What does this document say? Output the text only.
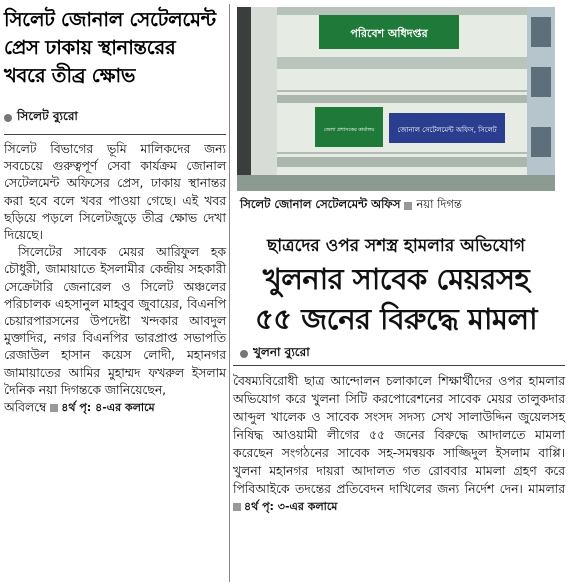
সিলেট জোনাল সেটেলমেন্ট
প্রেস ঢাকায় স্থানান্তরের
খবরে তীব্র ক্ষোভ
সিলেট ব্যুরো

সিলেট বিভাগের ভূমি মালিকদের জন্য সবচেয়ে গুরুত্বপূর্ণ সেবা কার্যক্রম জোনাল সেটেলমেন্ট অফিসের প্রেস, ঢাকায় স্থানান্তর করা হবে বলে খবর পাওয়া গেছে। এই খবর ছড়িয়ে পড়লে সিলেটজুড়ে তীব্র ক্ষোভ দেখা দিয়েছে।

সিলেটের সাবেক মেয়র আরিফুল হক চৌধুরী, জামায়াতে ইসলামীর কেন্দ্রীয় সহকারী সেক্রেটারি জেনারেল ও সিলেট অঞ্চলের পরিচালক এহসানুল মাহবুব জুবায়ের, বিএনপি চেয়ারপারসনের উপদেষ্টা খন্দকার আবদুল মুক্তাদির, নগর বিএনপির ভারপ্রাপ্ত সভাপতি রেজাউল হাসান কয়েস লোদী, মহানগর জামায়াতের আমির মুহাম্মদ ফখরুল ইসলাম দৈনিক নয়া দিগন্তকে জানিয়েছেন,

অবিলম্বে ৪র্থ পৃ: ৪-এর কলামে

পরিবেশ অধিদপ্তর
জেলা প্রশাসকের কার্যালয়	জোনাল সেটেলমেন্ট অফিস, সিলেট
সিলেট জোনাল সেটেলমেন্ট অফিস নয়া দিগন্ত
ছাত্রদের ওপর সশস্ত্র হামলার অভিযোগ
খুলনার সাবেক মেয়রসহ
৫৫ জনের বিরুদ্ধে মামলা
খুলনা ব্যুরো
বৈষম্যবিরোধী ছাত্র আন্দোলন চলাকালে শিক্ষার্থীদের ওপর হামলার অভিযোগ করে খুলনা সিটি করপোরেশনের সাবেক মেয়র তালুকদার আব্দুল খালেক ও সাবেক সংসদ সদস্য সেখ সালাউদ্দিন জুয়েলসহ নিষিদ্ধ আওয়ামী লীগের ৫৫ জনের বিরুদ্ধে আদালতে মামলা করেছেন সংগঠনের সাবেক সহ-সমন্বয়ক সাজ্জিদুল ইসলাম বাপ্পি। খুলনা মহানগর দায়রা আদালত গত রোববার মামলা গ্রহণ করে পিবিআইকে তদন্তের প্রতিবেদন দাখিলের জন্য নির্দেশ দেন। মামলার
৪র্থ পৃ: ৩-এর কলামে
